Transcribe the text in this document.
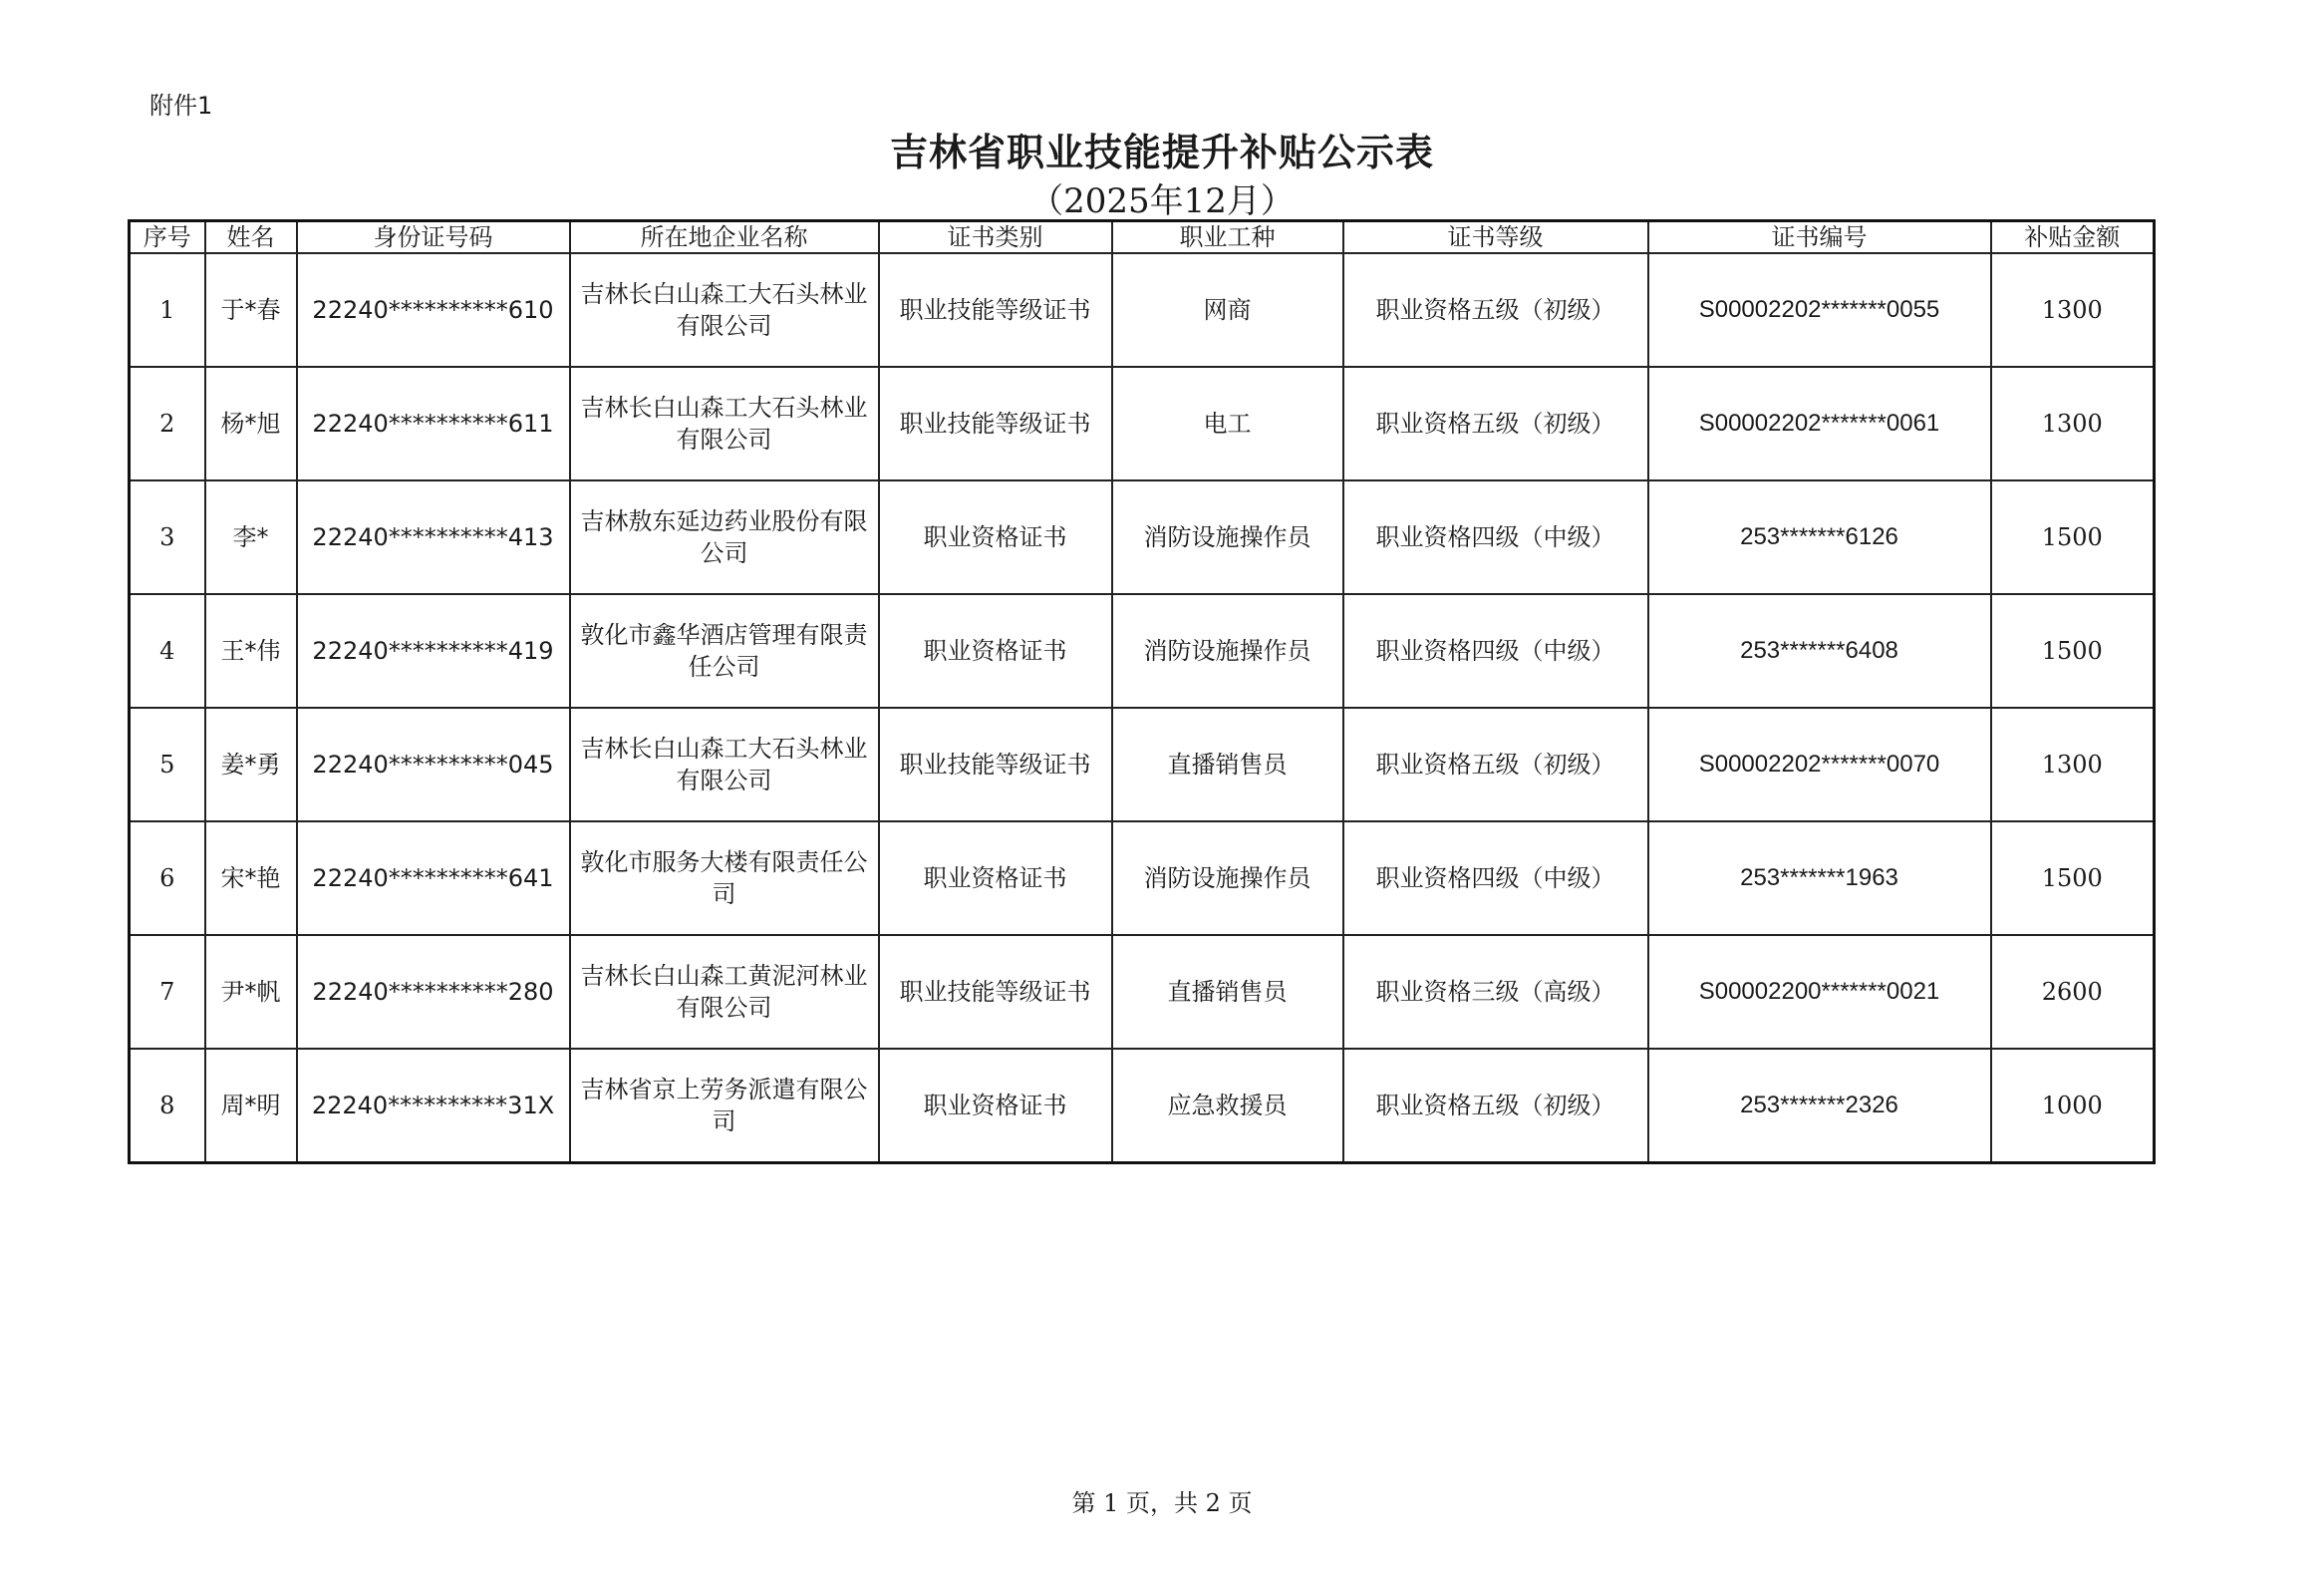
附件1
吉林省职业技能提升补贴公示表
（2025年12月）
序号	姓名	身份证号码	所在地企业名称	证书类别	职业工种	证书等级	证书编号	补贴金额
1	于*春	22240**********610	吉林长白山森工大石头林业有限公司	职业技能等级证书	网商	职业资格五级（初级）	S00002202*******0055	1300
2	杨*旭	22240**********611	吉林长白山森工大石头林业有限公司	职业技能等级证书	电工	职业资格五级（初级）	S00002202*******0061	1300
3	李*	22240**********413	吉林敖东延边药业股份有限公司	职业资格证书	消防设施操作员	职业资格四级（中级）	253*******6126	1500
4	王*伟	22240**********419	敦化市鑫华酒店管理有限责任公司	职业资格证书	消防设施操作员	职业资格四级（中级）	253*******6408	1500
5	姜*勇	22240**********045	吉林长白山森工大石头林业有限公司	职业技能等级证书	直播销售员	职业资格五级（初级）	S00002202*******0070	1300
6	宋*艳	22240**********641	敦化市服务大楼有限责任公司	职业资格证书	消防设施操作员	职业资格四级（中级）	253*******1963	1500
7	尹*帆	22240**********280	吉林长白山森工黄泥河林业有限公司	职业技能等级证书	直播销售员	职业资格三级（高级）	S00002200*******0021	2600
8	周*明	22240**********31X	吉林省京上劳务派遣有限公司	职业资格证书	应急救援员	职业资格五级（初级）	253*******2326	1000
第 1 页，共 2 页
